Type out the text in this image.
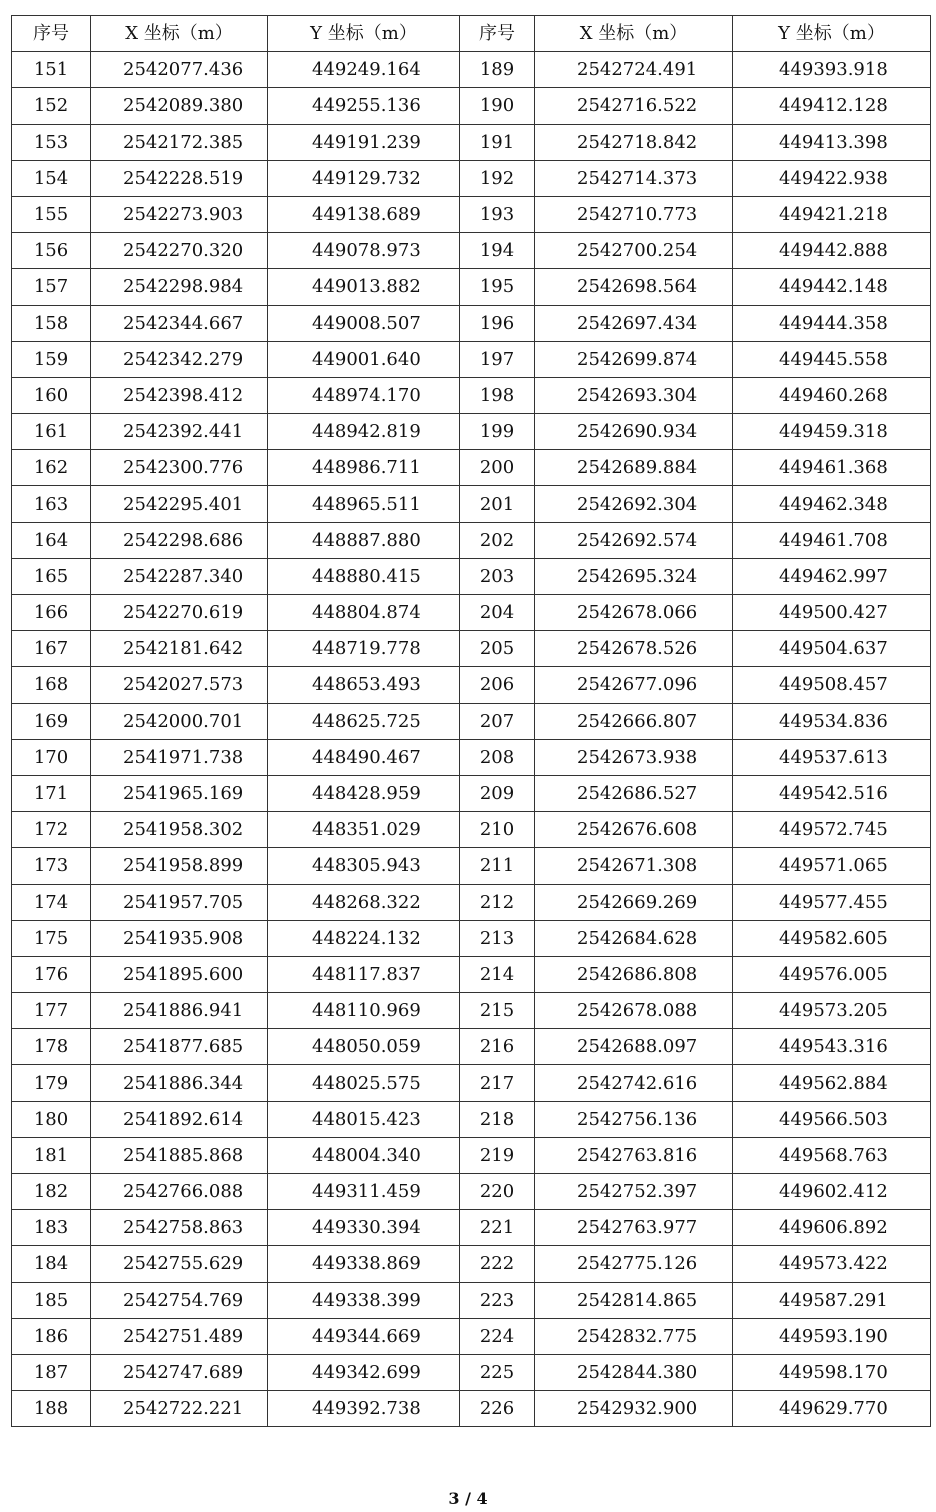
序号	X 坐标（m）	Y 坐标（m）	序号	X 坐标（m）	Y 坐标（m）
151	2542077.436	449249.164	189	2542724.491	449393.918
152	2542089.380	449255.136	190	2542716.522	449412.128
153	2542172.385	449191.239	191	2542718.842	449413.398
154	2542228.519	449129.732	192	2542714.373	449422.938
155	2542273.903	449138.689	193	2542710.773	449421.218
156	2542270.320	449078.973	194	2542700.254	449442.888
157	2542298.984	449013.882	195	2542698.564	449442.148
158	2542344.667	449008.507	196	2542697.434	449444.358
159	2542342.279	449001.640	197	2542699.874	449445.558
160	2542398.412	448974.170	198	2542693.304	449460.268
161	2542392.441	448942.819	199	2542690.934	449459.318
162	2542300.776	448986.711	200	2542689.884	449461.368
163	2542295.401	448965.511	201	2542692.304	449462.348
164	2542298.686	448887.880	202	2542692.574	449461.708
165	2542287.340	448880.415	203	2542695.324	449462.997
166	2542270.619	448804.874	204	2542678.066	449500.427
167	2542181.642	448719.778	205	2542678.526	449504.637
168	2542027.573	448653.493	206	2542677.096	449508.457
169	2542000.701	448625.725	207	2542666.807	449534.836
170	2541971.738	448490.467	208	2542673.938	449537.613
171	2541965.169	448428.959	209	2542686.527	449542.516
172	2541958.302	448351.029	210	2542676.608	449572.745
173	2541958.899	448305.943	211	2542671.308	449571.065
174	2541957.705	448268.322	212	2542669.269	449577.455
175	2541935.908	448224.132	213	2542684.628	449582.605
176	2541895.600	448117.837	214	2542686.808	449576.005
177	2541886.941	448110.969	215	2542678.088	449573.205
178	2541877.685	448050.059	216	2542688.097	449543.316
179	2541886.344	448025.575	217	2542742.616	449562.884
180	2541892.614	448015.423	218	2542756.136	449566.503
181	2541885.868	448004.340	219	2542763.816	449568.763
182	2542766.088	449311.459	220	2542752.397	449602.412
183	2542758.863	449330.394	221	2542763.977	449606.892
184	2542755.629	449338.869	222	2542775.126	449573.422
185	2542754.769	449338.399	223	2542814.865	449587.291
186	2542751.489	449344.669	224	2542832.775	449593.190
187	2542747.689	449342.699	225	2542844.380	449598.170
188	2542722.221	449392.738	226	2542932.900	449629.770
3 / 4
